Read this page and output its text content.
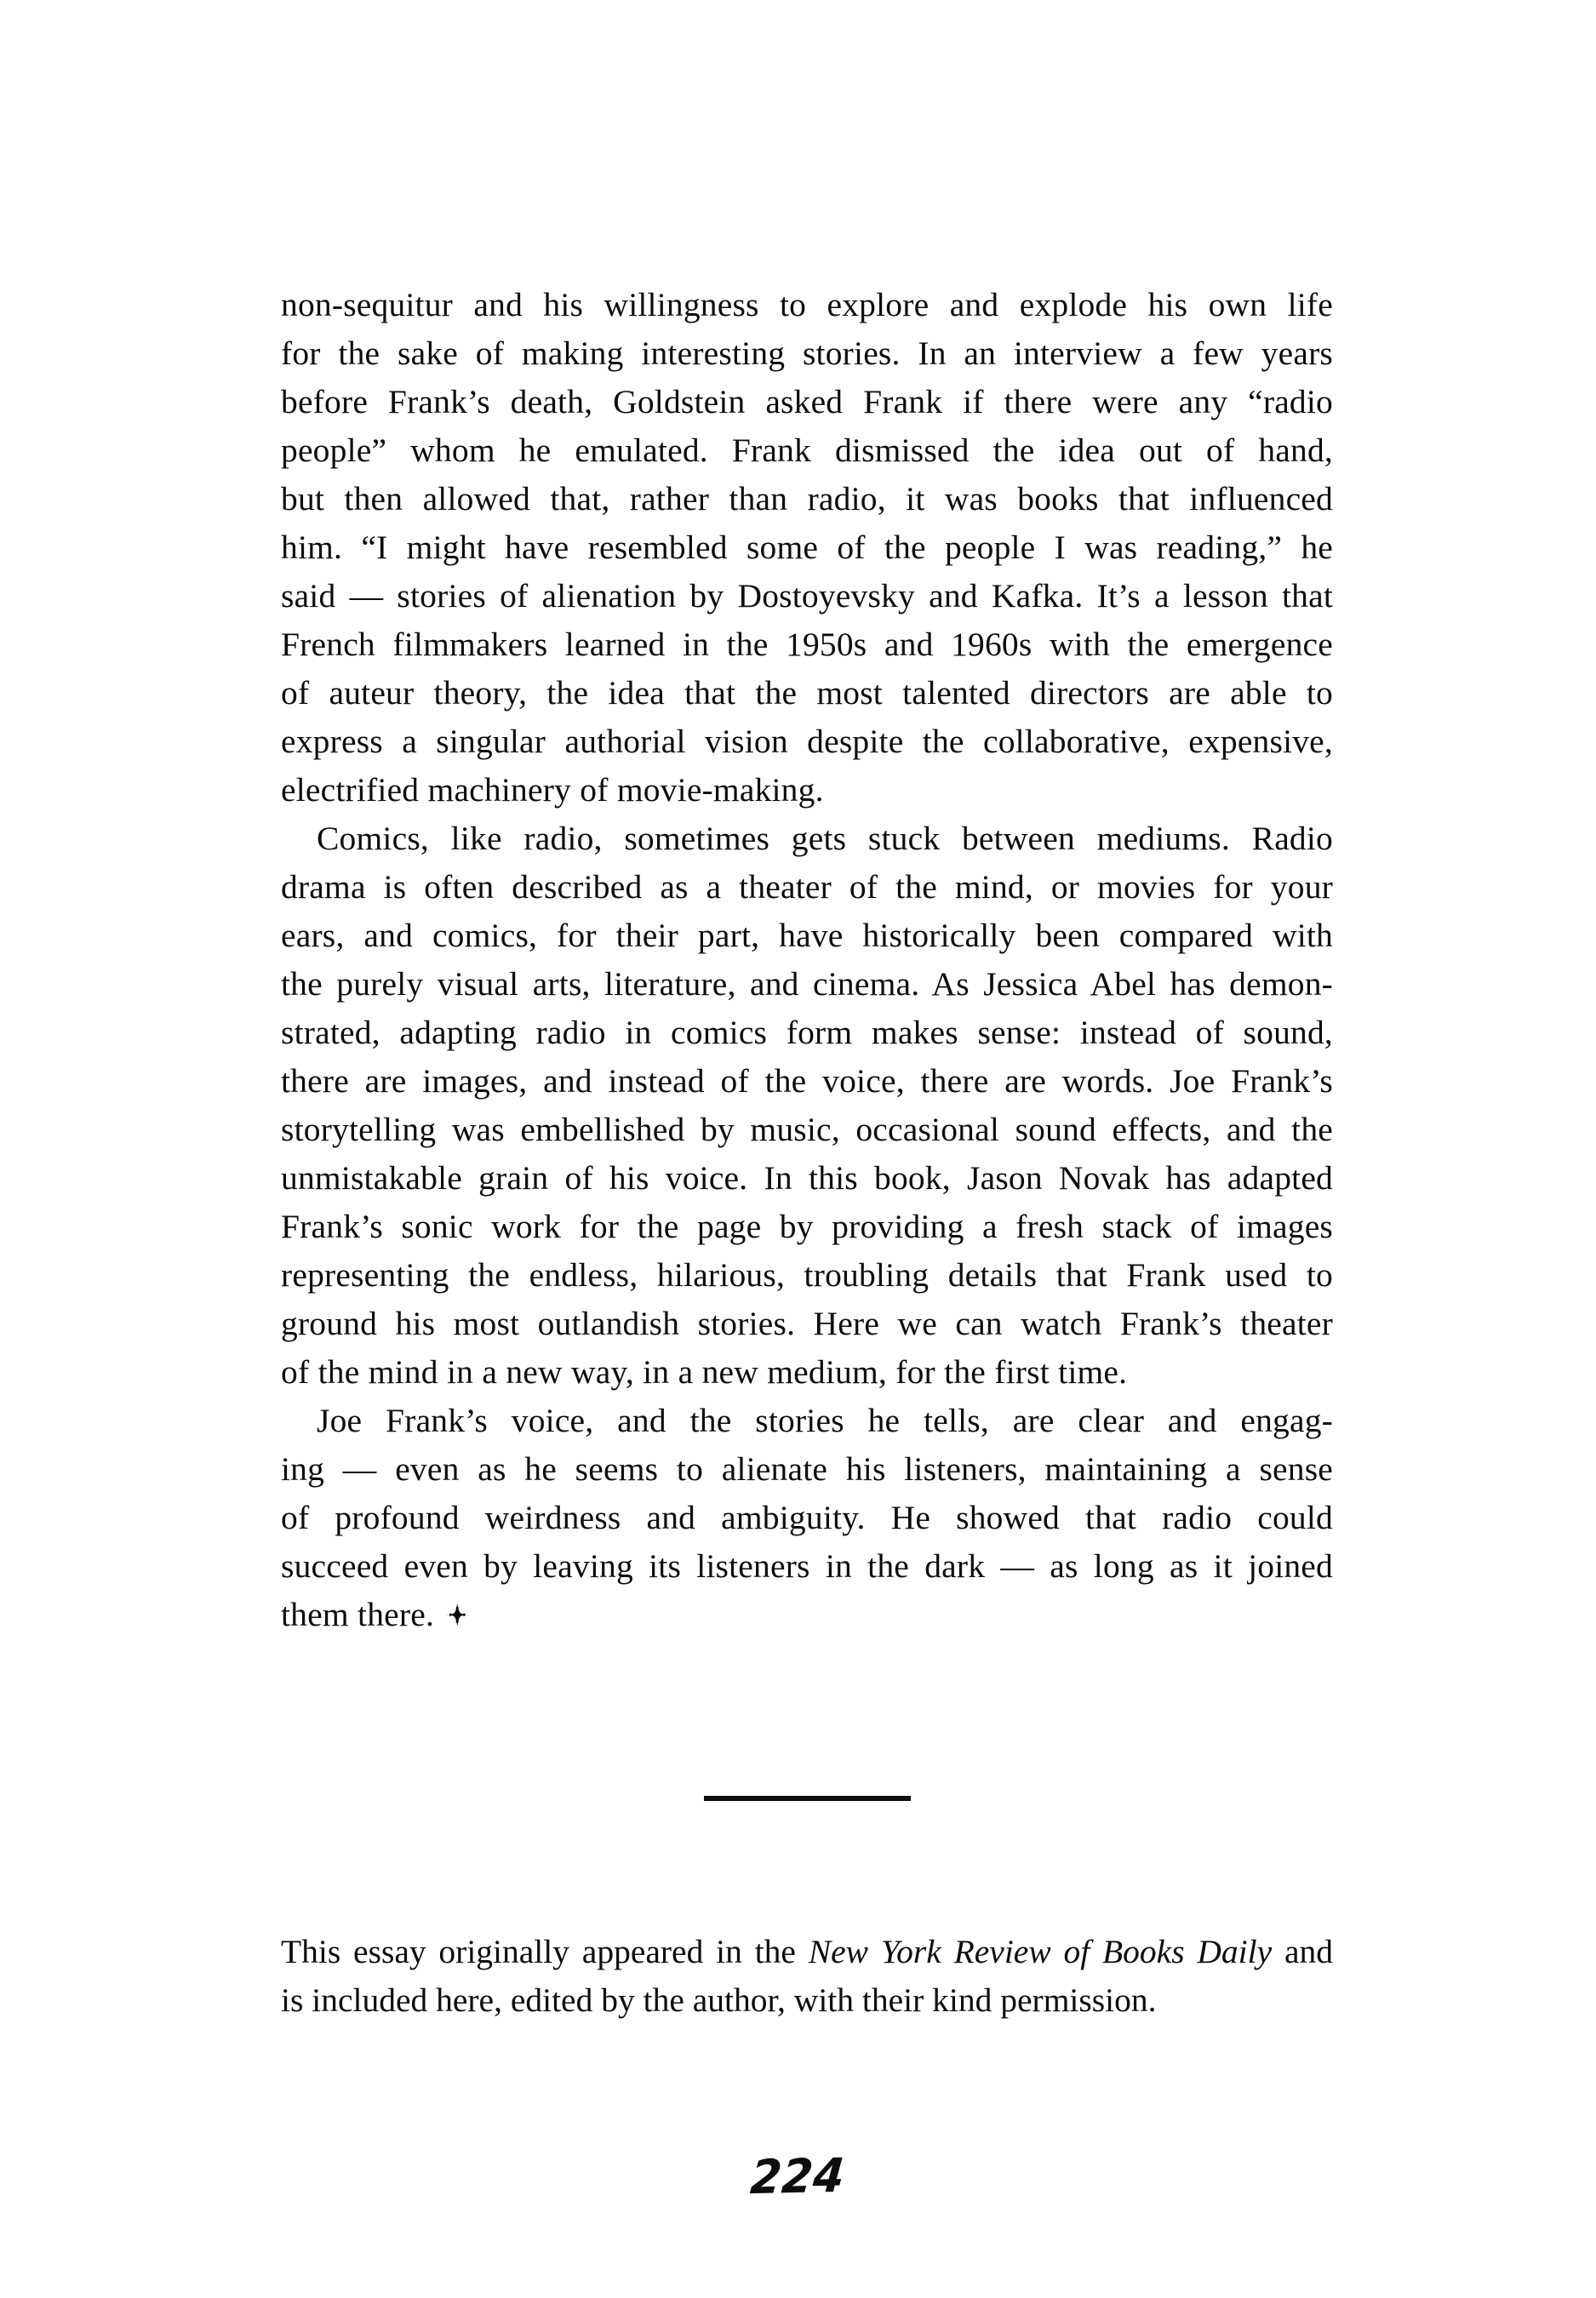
non-sequitur and his willingness to explore and explode his own life
for the sake of making interesting stories. In an interview a few years
before Frank’s death, Goldstein asked Frank if there were any “radio
people” whom he emulated. Frank dismissed the idea out of hand,
but then allowed that, rather than radio, it was books that influenced
him. “I might have resembled some of the people I was reading,” he
said — stories of alienation by Dostoyevsky and Kafka. It’s a lesson that
French filmmakers learned in the 1950s and 1960s with the emergence
of auteur theory, the idea that the most talented directors are able to
express a singular authorial vision despite the collaborative, expensive,
electrified machinery of movie-making.

Comics, like radio, sometimes gets stuck between mediums. Radio
drama is often described as a theater of the mind, or movies for your
ears, and comics, for their part, have historically been compared with
the purely visual arts, literature, and cinema. As Jessica Abel has demon-
strated, adapting radio in comics form makes sense: instead of sound,
there are images, and instead of the voice, there are words. Joe Frank’s
storytelling was embellished by music, occasional sound effects, and the
unmistakable grain of his voice. In this book, Jason Novak has adapted
Frank’s sonic work for the page by providing a fresh stack of images
representing the endless, hilarious, troubling details that Frank used to
ground his most outlandish stories. Here we can watch Frank’s theater
of the mind in a new way, in a new medium, for the first time.

Joe Frank’s voice, and the stories he tells, are clear and engag-
ing — even as he seems to alienate his listeners, maintaining a sense
of profound weirdness and ambiguity. He showed that radio could
succeed even by leaving its listeners in the dark — as long as it joined
them there.

This essay originally appeared in the New York Review of Books Daily and
is included here, edited by the author, with their kind permission.

224
